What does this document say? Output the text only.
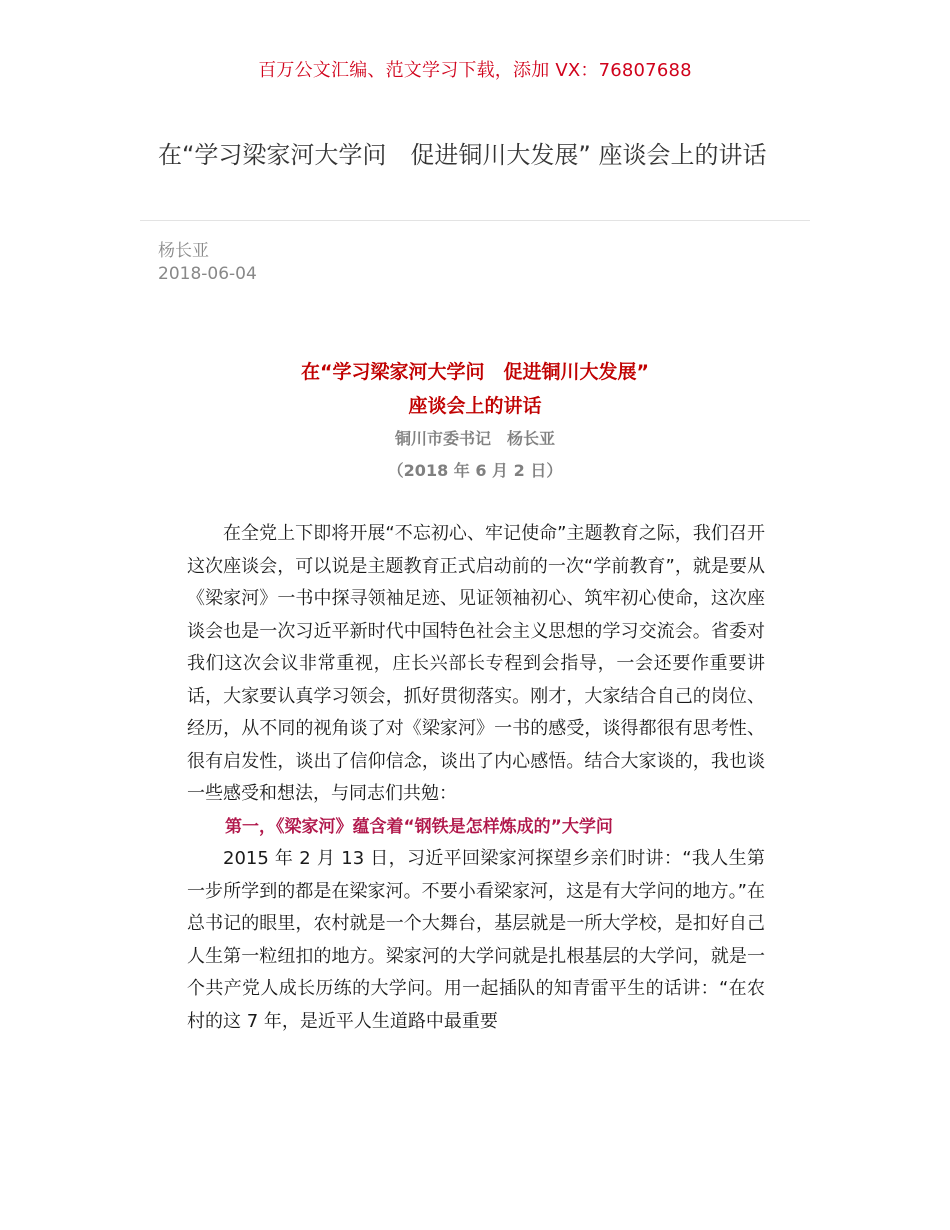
百万公文汇编、范文学习下载，添加 VX：76807688
在“学习梁家河大学问　促进铜川大发展” 座谈会上的讲话
杨长亚
2018-06-04
在“学习梁家河大学问　促进铜川大发展”
座谈会上的讲话
铜川市委书记　杨长亚
（2018 年 6 月 2 日）

在全党上下即将开展“不忘初心、牢记使命”主题教育之际，我们召开这次座谈会，可以说是主题教育正式启动前的一次“学前教育”，就是要从《梁家河》一书中探寻领袖足迹、见证领袖初心、筑牢初心使命，这次座谈会也是一次习近平新时代中国特色社会主义思想的学习交流会。省委对我们这次会议非常重视，庄长兴部长专程到会指导，一会还要作重要讲话，大家要认真学习领会，抓好贯彻落实。刚才，大家结合自己的岗位、经历，从不同的视角谈了对《梁家河》一书的感受，谈得都很有思考性、很有启发性，谈出了信仰信念，谈出了内心感悟。结合大家谈的，我也谈一些感受和想法，与同志们共勉：

第一，《梁家河》蕴含着“钢铁是怎样炼成的”大学问

2015 年 2 月 13 日，习近平回梁家河探望乡亲们时讲：“我人生第一步所学到的都是在梁家河。不要小看梁家河，这是有大学问的地方。”在总书记的眼里，农村就是一个大舞台，基层就是一所大学校，是扣好自己人生第一粒纽扣的地方。梁家河的大学问就是扎根基层的大学问，就是一个共产党人成长历练的大学问。用一起插队的知青雷平生的话讲：“在农村的这 7 年，是近平人生道路中最重要
